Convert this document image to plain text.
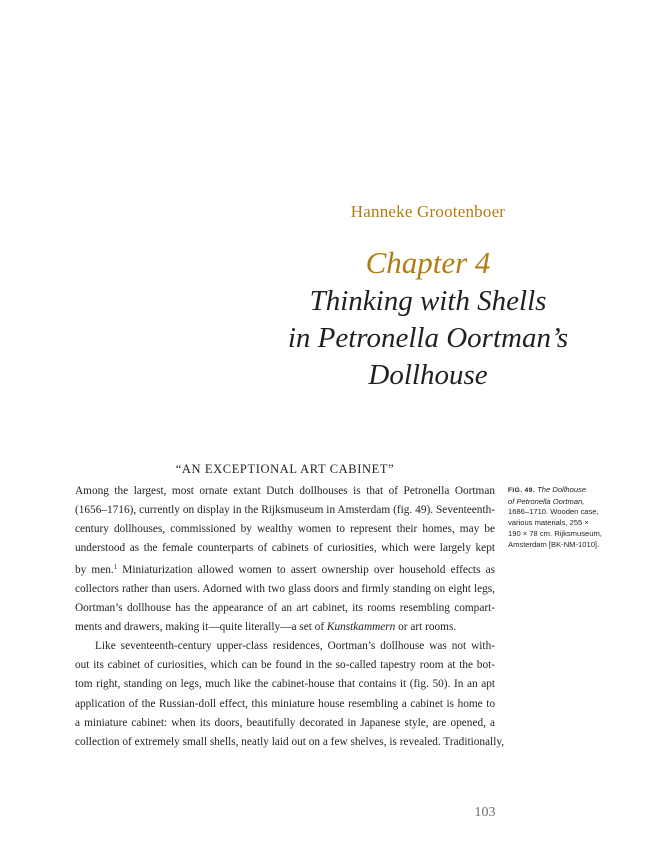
Hanneke Grootenboer
Chapter 4
Thinking with Shells
in Petronella Oortman’s
Dollhouse
“AN EXCEPTIONAL ART CABINET”
Among the largest, most ornate extant Dutch dollhouses is that of Petronella Oortman
(1656–1716), currently on display in the Rijksmuseum in Amsterdam (fig. 49). Seventeenth-
century dollhouses, commissioned by wealthy women to represent their homes, may be
understood as the female counterparts of cabinets of curiosities, which were largely kept
by men.$^1$ Miniaturization allowed women to assert ownership over household effects as
collectors rather than users. Adorned with two glass doors and firmly standing on eight legs,
Oortman’s dollhouse has the appearance of an art cabinet, its rooms resembling compart-
ments and drawers, making it—quite literally—a set of Kunstkammern or art rooms.
Like seventeenth-century upper-class residences, Oortman’s dollhouse was not with-
out its cabinet of curiosities, which can be found in the so-called tapestry room at the bot-
tom right, standing on legs, much like the cabinet-house that contains it (fig. 50). In an apt
application of the Russian-doll effect, this miniature house resembling a cabinet is home to
a miniature cabinet: when its doors, beautifully decorated in Japanese style, are opened, a
collection of extremely small shells, neatly laid out on a few shelves, is revealed. Traditionally,
FIG. 49. The Dollhouse
of Petronella Oortman,
1686–1710. Wooden case,
various materials, 255 ×
190 × 78 cm. Rijksmuseum,
Amsterdam [BK-NM-1010].
103
